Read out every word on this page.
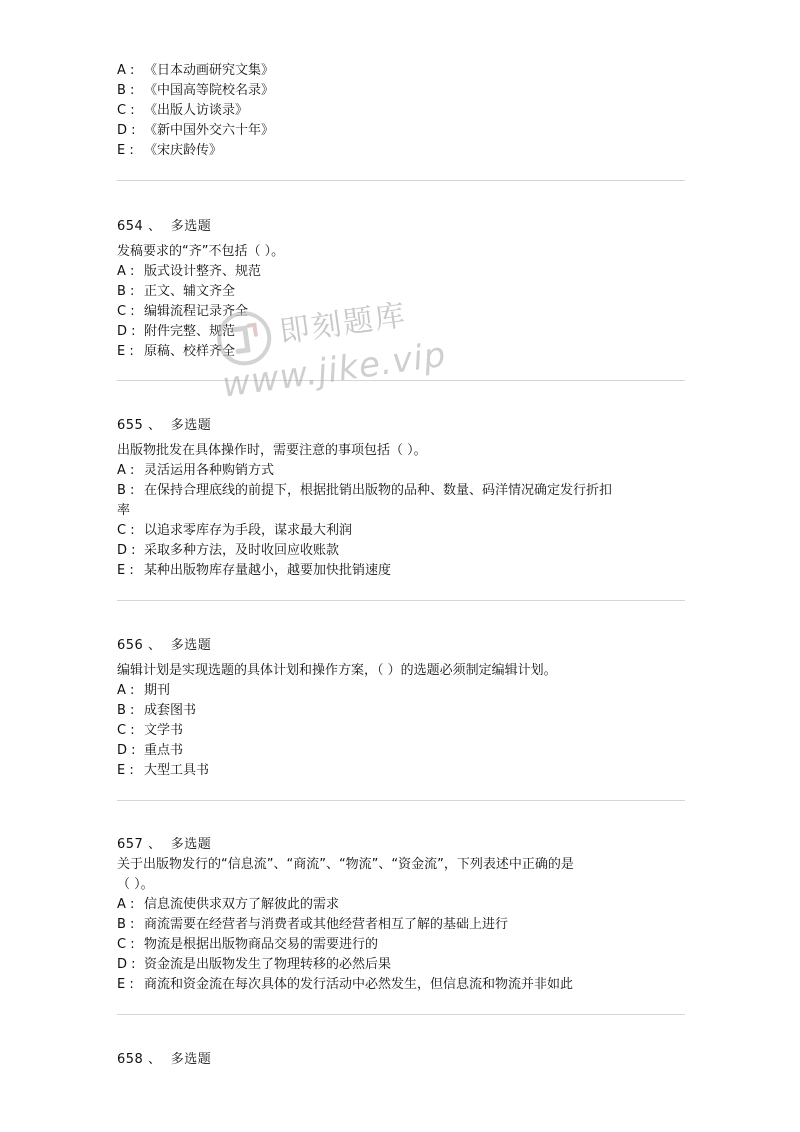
A : 《日本动画研究文集》
B : 《中国高等院校名录》
C : 《出版人访谈录》
D : 《新中国外交六十年》
E : 《宋庆龄传》
654 、 多选题
发稿要求的“齐”不包括（ ）。
A : 版式设计整齐、规范
B : 正文、辅文齐全
C : 编辑流程记录齐全
D : 附件完整、规范
E : 原稿、校样齐全
655 、 多选题
出版物批发在具体操作时，需要注意的事项包括（ ）。
A : 灵活运用各种购销方式
B : 在保持合理底线的前提下，根据批销出版物的品种、数量、码洋情况确定发行折扣
率
C : 以追求零库存为手段，谋求最大利润
D : 采取多种方法，及时收回应收账款
E : 某种出版物库存量越小，越要加快批销速度
656 、 多选题
编辑计划是实现选题的具体计划和操作方案，（ ）的选题必须制定编辑计划。
A : 期刊
B : 成套图书
C : 文学书
D : 重点书
E : 大型工具书
657 、 多选题
关于出版物发行的“信息流”、“商流”、“物流”、“资金流”，下列表述中正确的是
（ ）。
A : 信息流使供求双方了解彼此的需求
B : 商流需要在经营者与消费者或其他经营者相互了解的基础上进行
C : 物流是根据出版物商品交易的需要进行的
D : 资金流是出版物发生了物理转移的必然后果
E : 商流和资金流在每次具体的发行活动中必然发生，但信息流和物流并非如此
658 、 多选题
即刻题库
www.jike.vip
